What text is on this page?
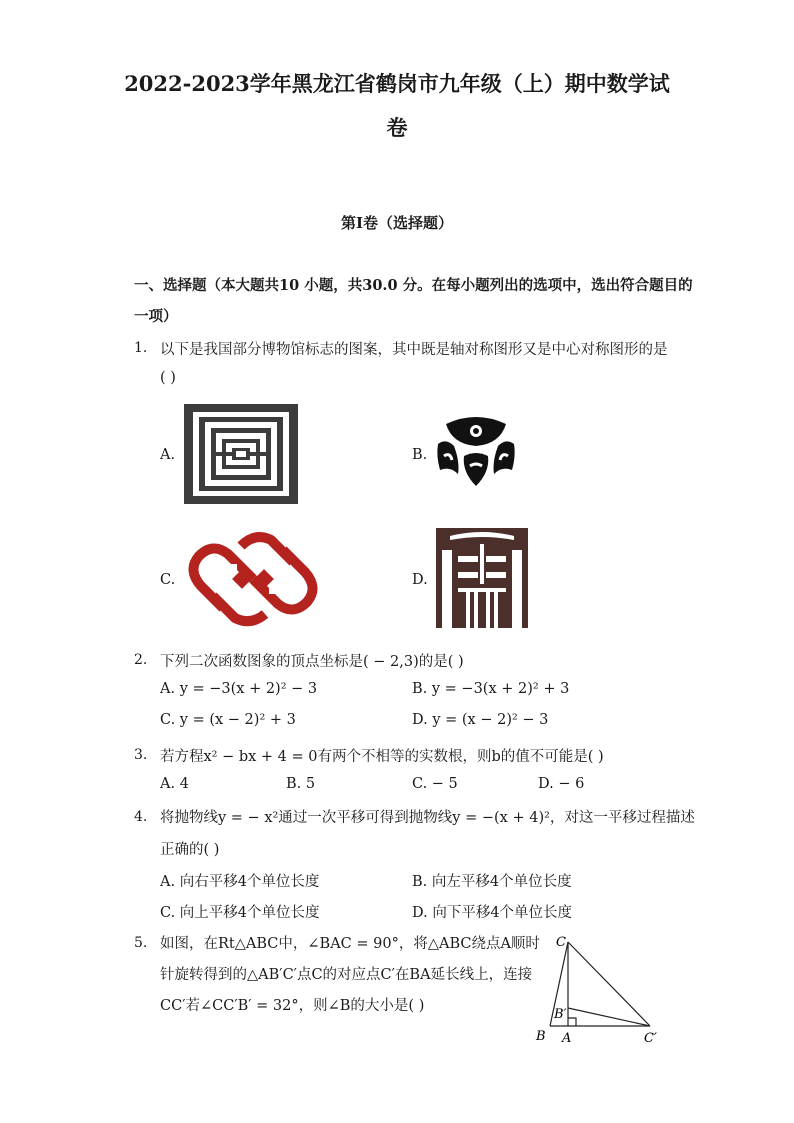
2022-2023学年黑龙江省鹤岗市九年级（上）期中数学试
卷
第I卷（选择题）
一、选择题（本大题共10 小题，共30.0 分。在每小题列出的选项中，选出符合题目的
一项）
1. 以下是我国部分博物馆标志的图案，其中既是轴对称图形又是中心对称图形的是
( )
A.	B.
C.	D.
2. 下列二次函数图象的顶点坐标是( − 2,3)的是( )
A. y = −3(x + 2)² − 3	B. y = −3(x + 2)² + 3
C. y = (x − 2)² + 3	D. y = (x − 2)² − 3
3. 若方程x² − bx + 4 = 0有两个不相等的实数根，则b的值不可能是( )
A. 4	B. 5	C. − 5	D. − 6
4. 将抛物线y = − x²通过一次平移可得到抛物线y = −(x + 4)²，对这一平移过程描述
正确的( )
A. 向右平移4个单位长度	B. 向左平移4个单位长度
C. 向上平移4个单位长度	D. 向下平移4个单位长度
5. 如图，在Rt△ABC中，∠BAC = 90°，将△ABC绕点A顺时
针旋转得到的△AB′C′点C的对应点C′在BA延长线上，连接
CC′若∠CC′B′ = 32°，则∠B的大小是( )
C
B′
B A	C′
